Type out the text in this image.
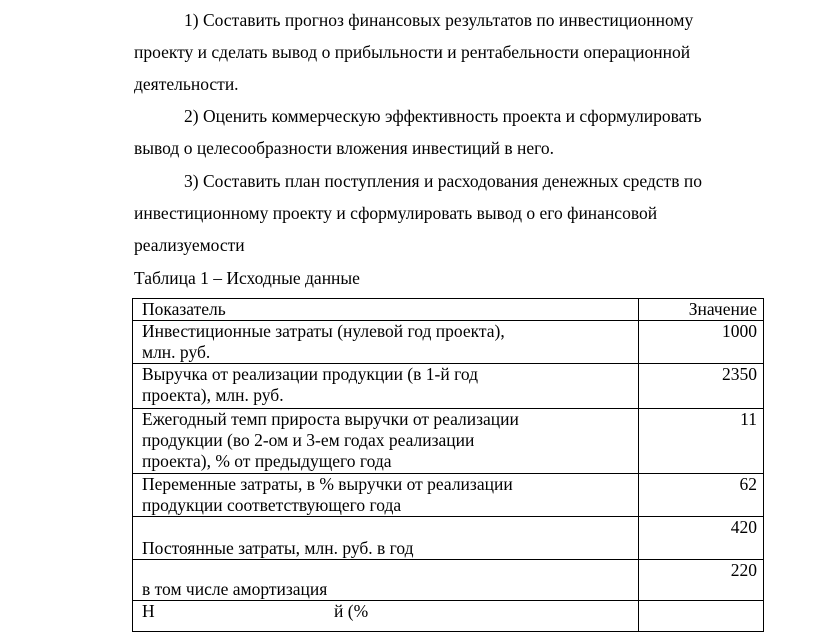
1) Составить прогноз финансовых результатов по инвестиционному
проекту и сделать вывод о прибыльности и рентабельности операционной
деятельности.
2) Оценить коммерческую эффективность проекта и сформулировать
вывод о целесообразности вложения инвестиций в него.
3) Составить план поступления и расходования денежных средств по
инвестиционному проекту и сформулировать вывод о его финансовой
реализуемости
Таблица 1 – Исходные данные
Показатель	Значение

Инвестиционные затраты (нулевой год проекта),
млн. руб.	1000

Выручка от реализации продукции (в 1-й год
проекта), млн. руб.	2350

Ежегодный темп прироста выручки от реализации
продукции (во 2-ом и 3-ем годах реализации
проекта), % от предыдущего года	11

Переменные затраты, в % выручки от реализации
продукции соответствующего года	62

Постоянные затраты, млн. руб. в год	420

в том числе амортизация	220

Н                                         й (%	
